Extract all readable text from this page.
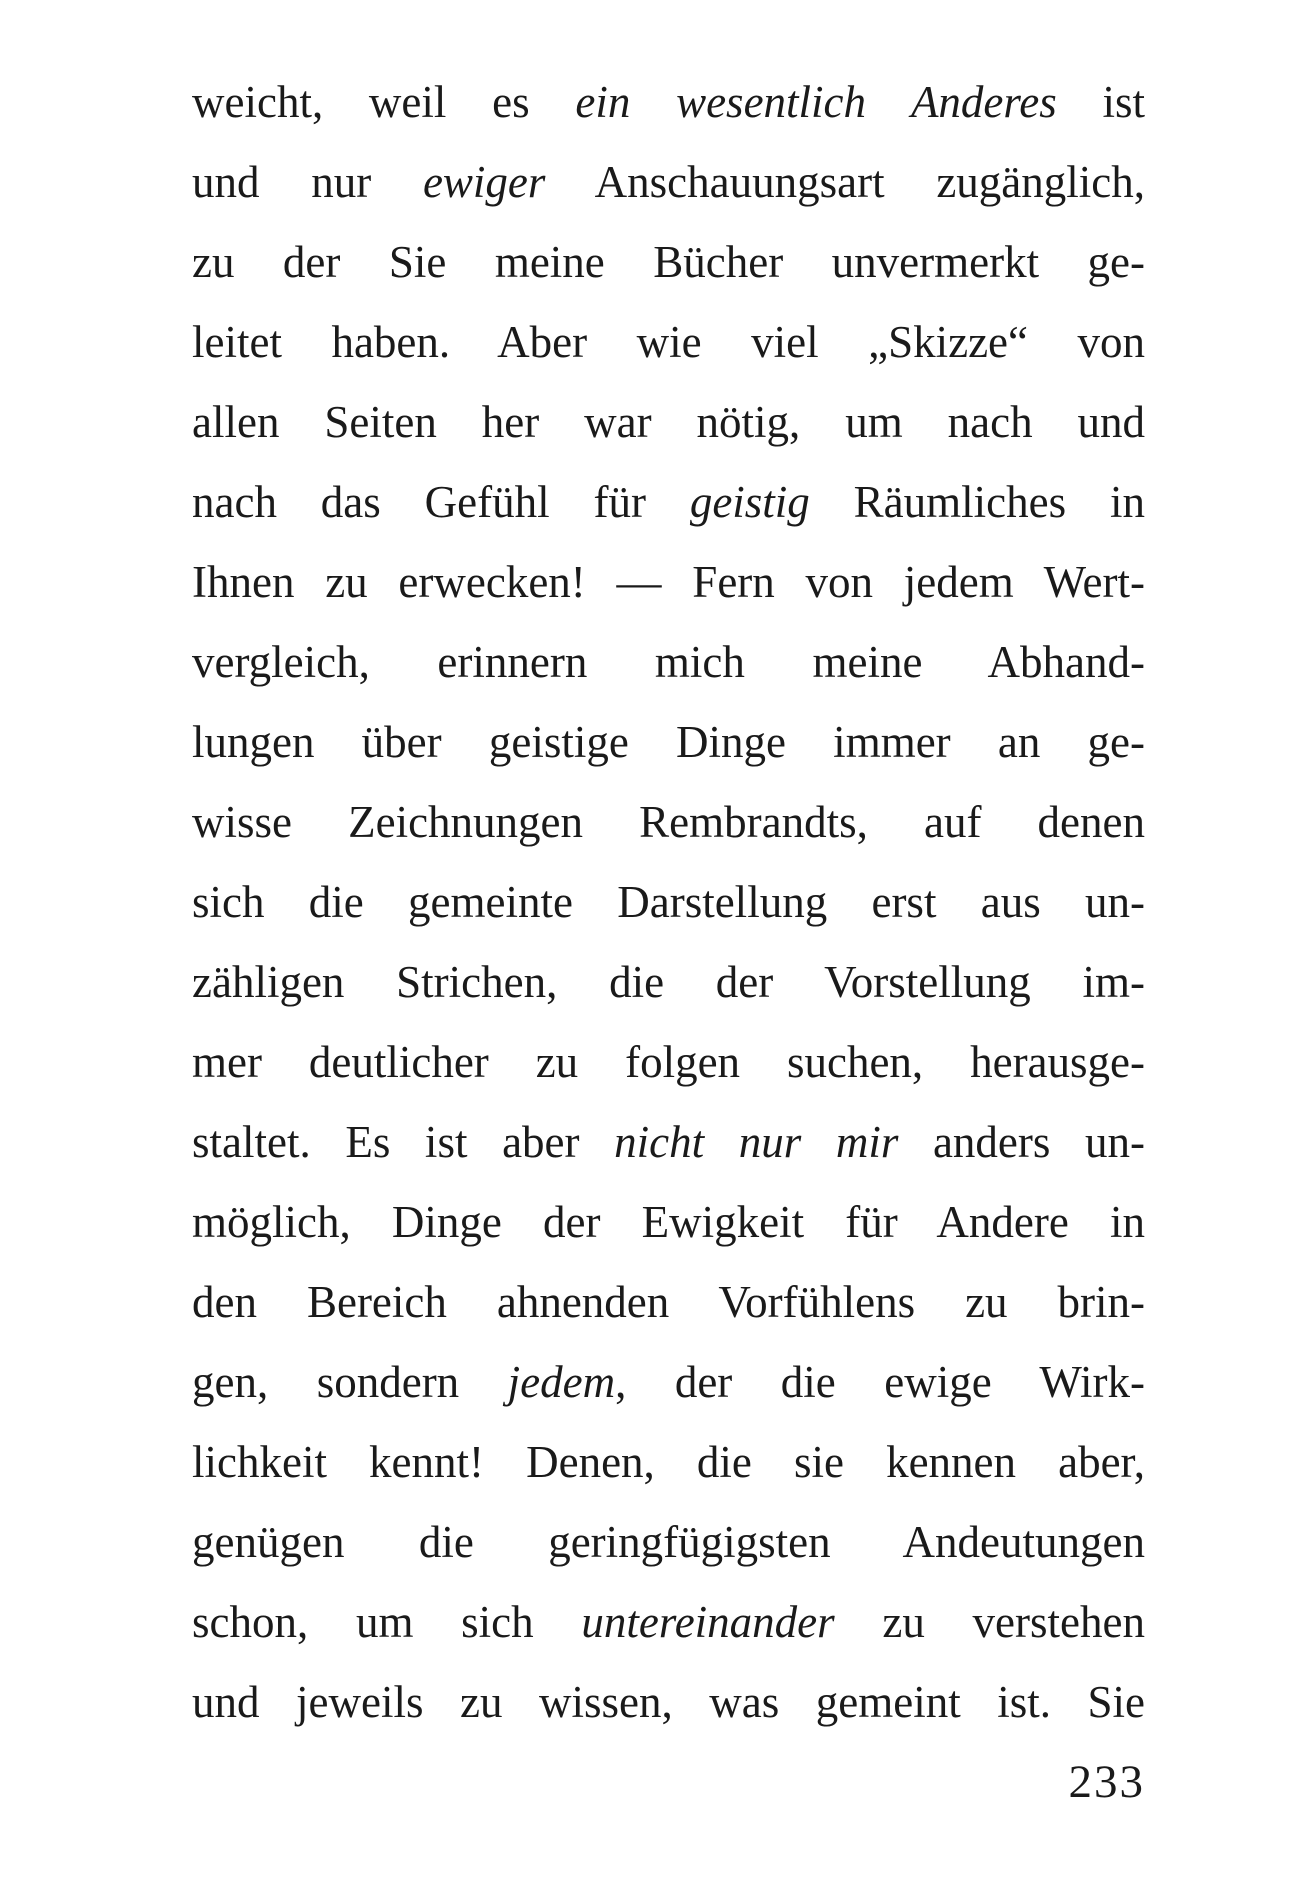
weicht, weil es ein wesentlich Anderes ist
und nur ewiger Anschauungsart zugänglich,
zu der Sie meine Bücher unvermerkt ge-
leitet haben. Aber wie viel „Skizze“ von
allen Seiten her war nötig, um nach und
nach das Gefühl für geistig Räumliches in
Ihnen zu erwecken! — Fern von jedem Wert-
vergleich, erinnern mich meine Abhand-
lungen über geistige Dinge immer an ge-
wisse Zeichnungen Rembrandts, auf denen
sich die gemeinte Darstellung erst aus un-
zähligen Strichen, die der Vorstellung im-
mer deutlicher zu folgen suchen, herausge-
staltet. Es ist aber nicht nur mir anders un-
möglich, Dinge der Ewigkeit für Andere in
den Bereich ahnenden Vorfühlens zu brin-
gen, sondern jedem, der die ewige Wirk-
lichkeit kennt! Denen, die sie kennen aber,
genügen die geringfügigsten Andeutungen
schon, um sich untereinander zu verstehen
und jeweils zu wissen, was gemeint ist. Sie
233
